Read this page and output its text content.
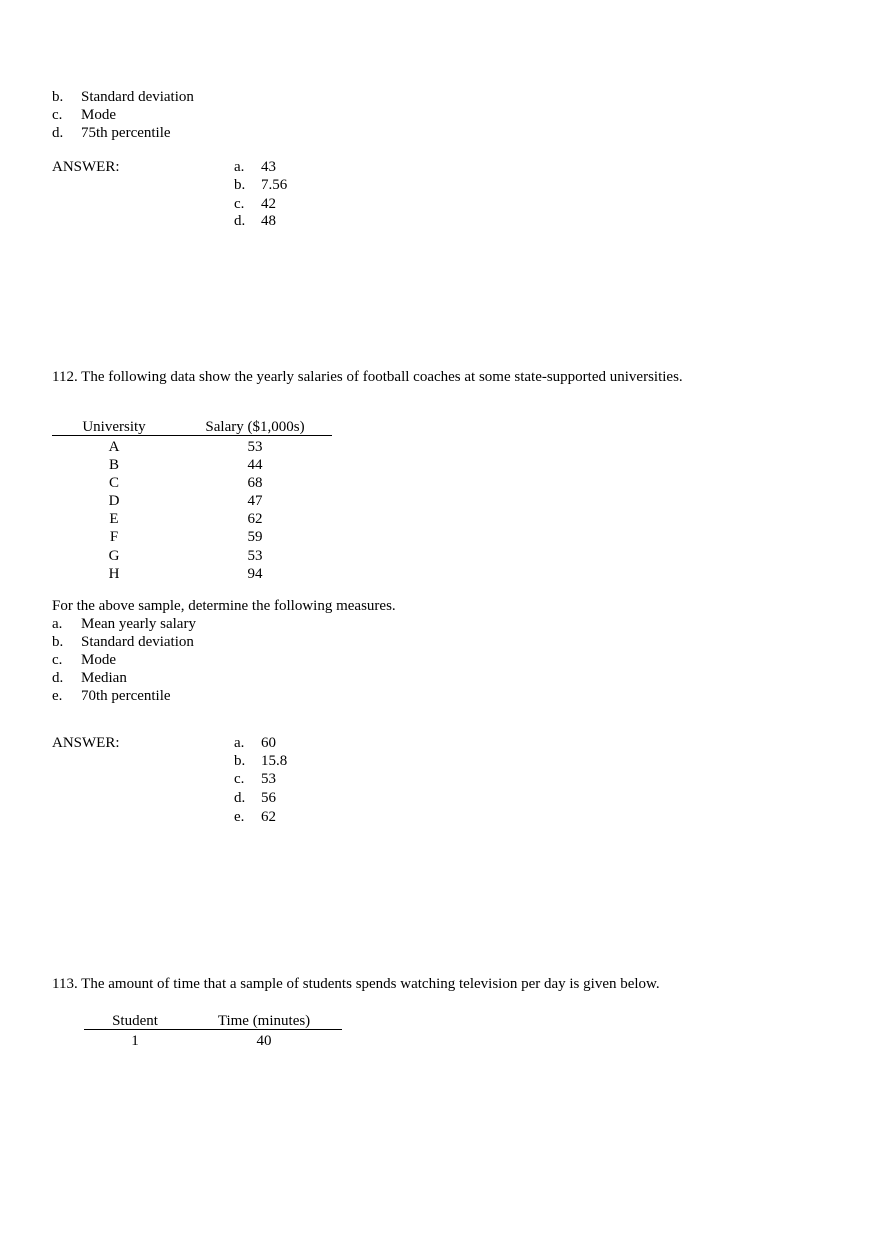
b. Standard deviation
c. Mode
d. 75th percentile
ANSWER:	a. 43
b. 7.56
c. 42
d. 48
112. The following data show the yearly salaries of football coaches at some state-supported universities.
University	Salary ($1,000s)
A	53
B	44
C	68
D	47
E	62
F	59
G	53
H	94
For the above sample, determine the following measures.
a. Mean yearly salary
b. Standard deviation
c. Mode
d. Median
e. 70th percentile
ANSWER:	a. 60
b. 15.8
c. 53
d. 56
e. 62
113. The amount of time that a sample of students spends watching television per day is given below.
Student	Time (minutes)
1	40
